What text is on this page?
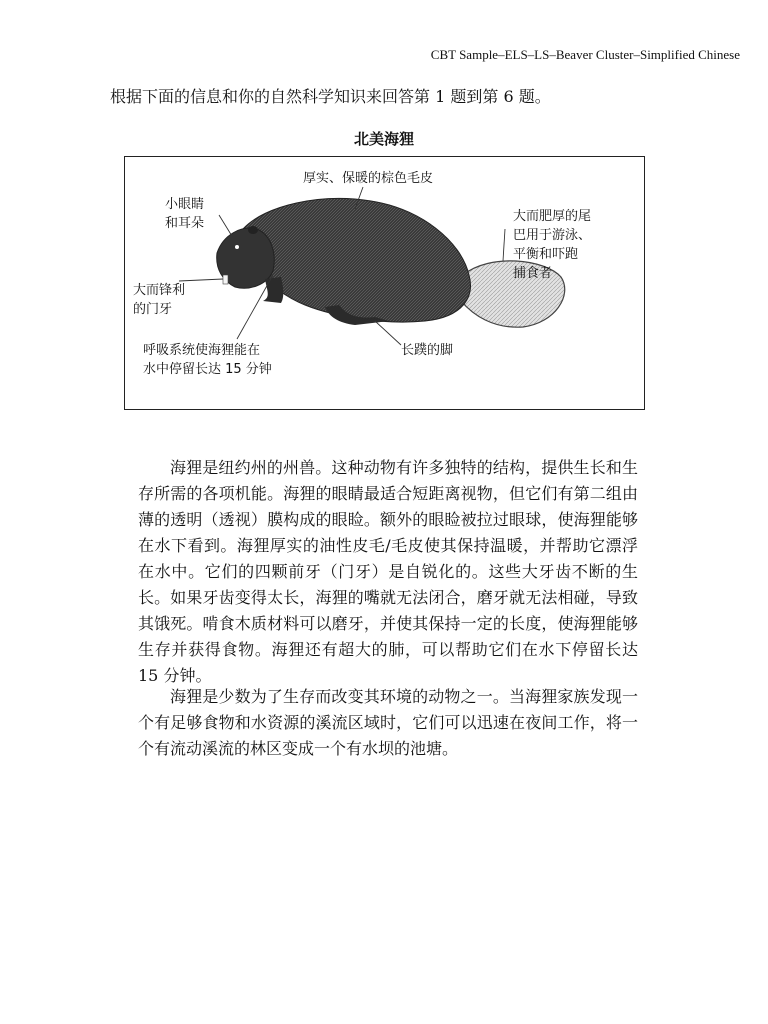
CBT Sample–ELS–LS–Beaver Cluster–Simplified Chinese
根据下面的信息和你的自然科学知识来回答第 1 题到第 6 题。
北美海狸
小眼睛
和耳朵
厚实、保暖的棕色毛皮
大而肥厚的尾
巴用于游泳、
平衡和吓跑
捕食者
大而锋利
的门牙
呼吸系统使海狸能在
水中停留长达 15 分钟
长蹼的脚

海狸是纽约州的州兽。这种动物有许多独特的结构，提供生长和生存所需的各项机能。海狸的眼睛最适合短距离视物，但它们有第二组由薄的透明（透视）膜构成的眼睑。额外的眼睑被拉过眼球，使海狸能够在水下看到。海狸厚实的油性皮毛/毛皮使其保持温暖，并帮助它漂浮在水中。它们的四颗前牙（门牙）是自锐化的。这些大牙齿不断的生长。如果牙齿变得太长，海狸的嘴就无法闭合，磨牙就无法相碰，导致其饿死。啃食木质材料可以磨牙，并使其保持一定的长度，使海狸能够生存并获得食物。海狸还有超大的肺，可以帮助它们在水下停留长达 15 分钟。

海狸是少数为了生存而改变其环境的动物之一。当海狸家族发现一个有足够食物和水资源的溪流区域时，它们可以迅速在夜间工作，将一个有流动溪流的林区变成一个有水坝的池塘。
